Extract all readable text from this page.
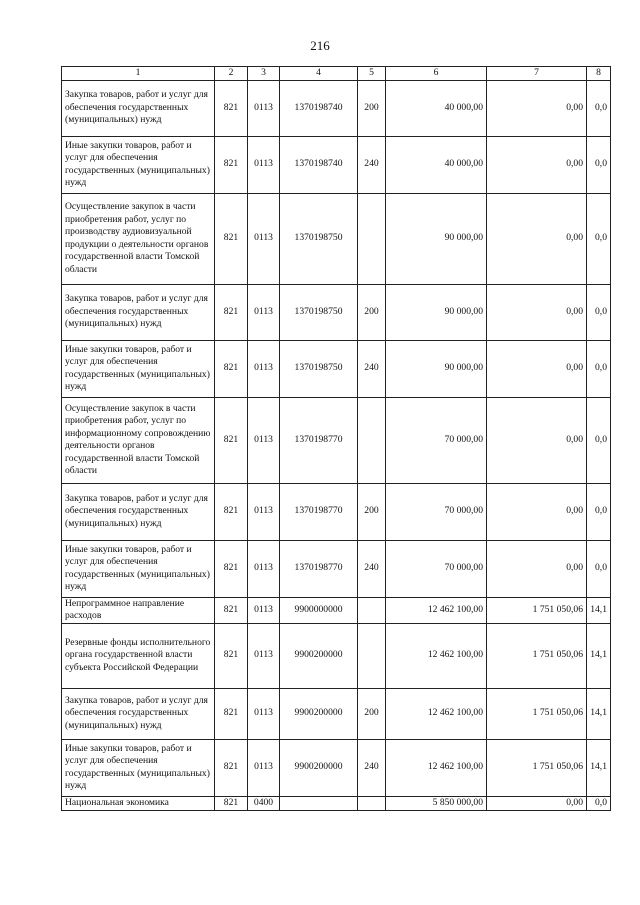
216
1	2	3	4	5	6	7	8
Закупка товаров, работ и услуг для обеспечения государственных (муниципальных) нужд	821	0113	1370198740	200	40 000,00	0,00	0,0
Иные закупки товаров, работ и услуг для обеспечения государственных (муниципальных) нужд	821	0113	1370198740	240	40 000,00	0,00	0,0
Осуществление закупок в части приобретения работ, услуг по производству аудиовизуальной продукции о деятельности органов государственной власти Томской области	821	0113	1370198750		90 000,00	0,00	0,0
Закупка товаров, работ и услуг для обеспечения государственных (муниципальных) нужд	821	0113	1370198750	200	90 000,00	0,00	0,0
Иные закупки товаров, работ и услуг для обеспечения государственных (муниципальных) нужд	821	0113	1370198750	240	90 000,00	0,00	0,0
Осуществление закупок в части приобретения работ, услуг по информационному сопровождению деятельности органов государственной власти Томской области	821	0113	1370198770		70 000,00	0,00	0,0
Закупка товаров, работ и услуг для обеспечения государственных (муниципальных) нужд	821	0113	1370198770	200	70 000,00	0,00	0,0
Иные закупки товаров, работ и услуг для обеспечения государственных (муниципальных) нужд	821	0113	1370198770	240	70 000,00	0,00	0,0
Непрограммное направление расходов	821	0113	9900000000		12 462 100,00	1 751 050,06	14,1
Резервные фонды исполнительного органа государственной власти субъекта Российской Федерации	821	0113	9900200000		12 462 100,00	1 751 050,06	14,1
Закупка товаров, работ и услуг для обеспечения государственных (муниципальных) нужд	821	0113	9900200000	200	12 462 100,00	1 751 050,06	14,1
Иные закупки товаров, работ и услуг для обеспечения государственных (муниципальных) нужд	821	0113	9900200000	240	12 462 100,00	1 751 050,06	14,1
Национальная экономика	821	0400			5 850 000,00	0,00	0,0
